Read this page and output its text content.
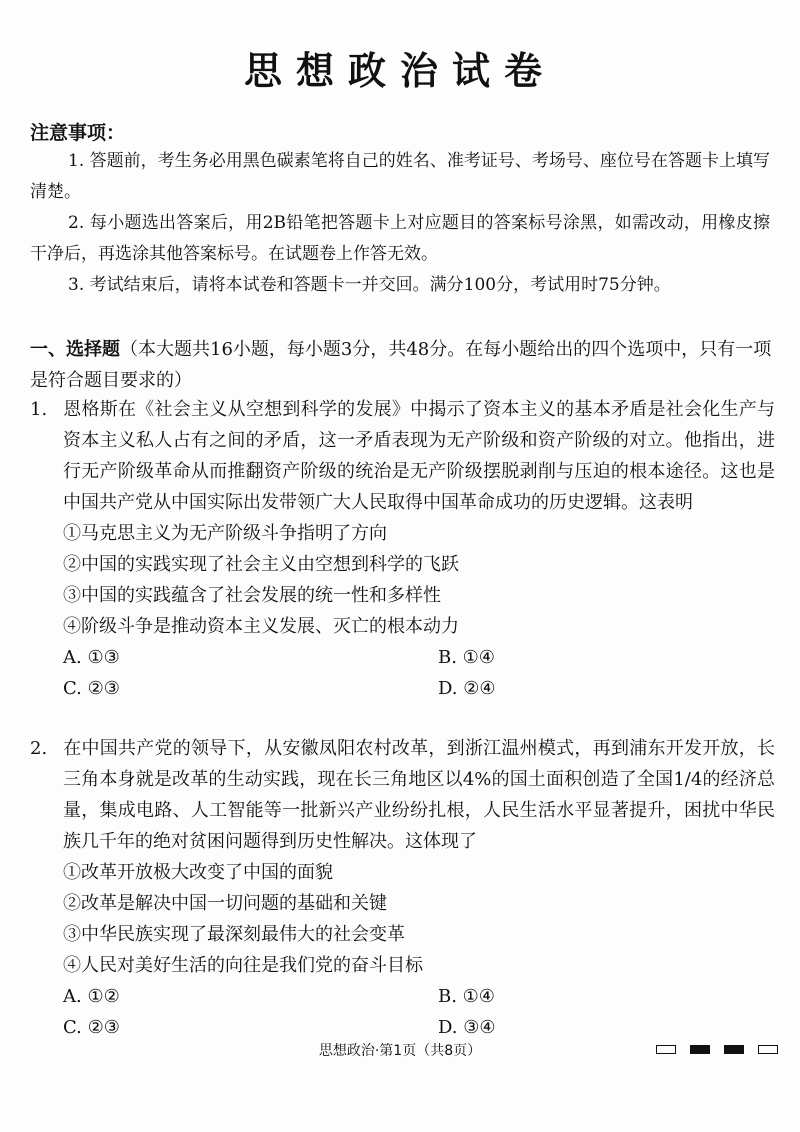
思想政治试卷
注意事项：

1. 答题前，考生务必用黑色碳素笔将自己的姓名、准考证号、考场号、座位号在答题卡上填写清楚。

2. 每小题选出答案后，用2B铅笔把答题卡上对应题目的答案标号涂黑，如需改动，用橡皮擦干净后，再选涂其他答案标号。在试题卷上作答无效。

3. 考试结束后，请将本试卷和答题卡一并交回。满分100分，考试用时75分钟。

一、选择题（本大题共16小题，每小题3分，共48分。在每小题给出的四个选项中，只有一项是符合题目要求的）

1. 恩格斯在《社会主义从空想到科学的发展》中揭示了资本主义的基本矛盾是社会化生产与资本主义私人占有之间的矛盾，这一矛盾表现为无产阶级和资产阶级的对立。他指出，进行无产阶级革命从而推翻资产阶级的统治是无产阶级摆脱剥削与压迫的根本途径。这也是中国共产党从中国实际出发带领广大人民取得中国革命成功的历史逻辑。这表明

①马克思主义为无产阶级斗争指明了方向

②中国的实践实现了社会主义由空想到科学的飞跃

③中国的实践蕴含了社会发展的统一性和多样性

④阶级斗争是推动资本主义发展、灭亡的根本动力

A. ①③	B. ①④
C. ②③	D. ②④

2. 在中国共产党的领导下，从安徽凤阳农村改革，到浙江温州模式，再到浦东开发开放，长三角本身就是改革的生动实践，现在长三角地区以4%的国土面积创造了全国1/4的经济总量，集成电路、人工智能等一批新兴产业纷纷扎根，人民生活水平显著提升，困扰中华民族几千年的绝对贫困问题得到历史性解决。这体现了

①改革开放极大改变了中国的面貌

②改革是解决中国一切问题的基础和关键

③中华民族实现了最深刻最伟大的社会变革

④人民对美好生活的向往是我们党的奋斗目标

A. ①②	B. ①④
C. ②③	D. ③④
思想政治·第1页（共8页）
